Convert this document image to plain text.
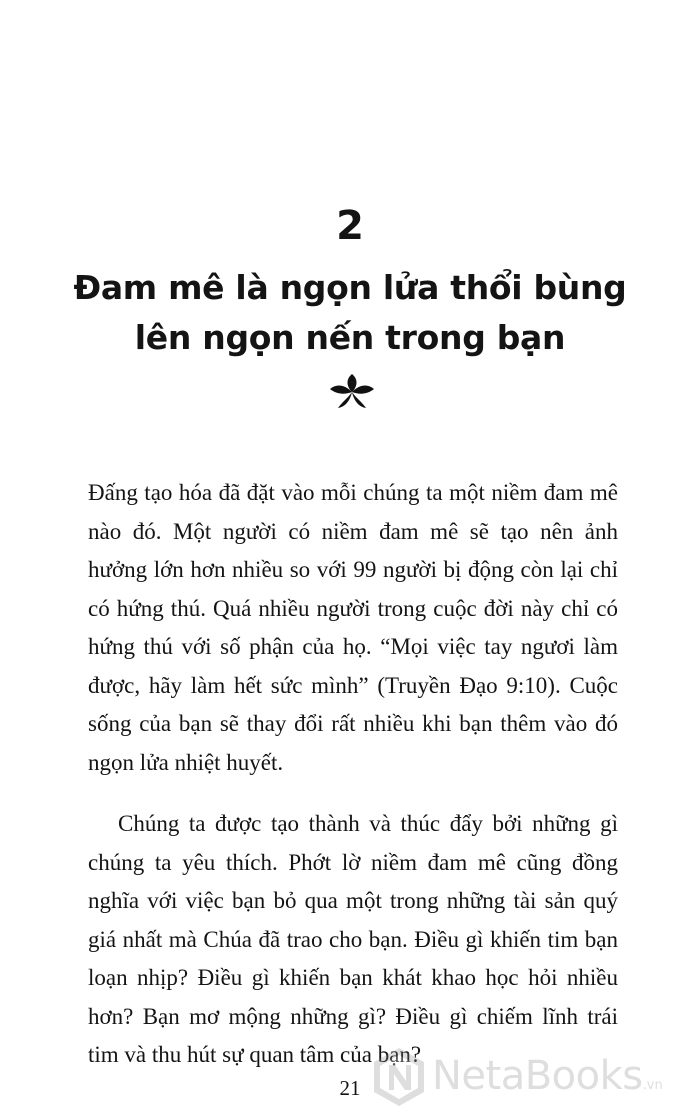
2
Đam mê là ngọn lửa thổi bùng
lên ngọn nến trong bạn

Đấng tạo hóa đã đặt vào mỗi chúng ta một niềm đam mê nào đó. Một người có niềm đam mê sẽ tạo nên ảnh hưởng lớn hơn nhiều so với 99 người bị động còn lại chỉ có hứng thú. Quá nhiều người trong cuộc đời này chỉ có hứng thú với số phận của họ. “Mọi việc tay ngươi làm được, hãy làm hết sức mình” (Truyền Đạo 9:10). Cuộc sống của bạn sẽ thay đổi rất nhiều khi bạn thêm vào đó ngọn lửa nhiệt huyết.

Chúng ta được tạo thành và thúc đẩy bởi những gì chúng ta yêu thích. Phớt lờ niềm đam mê cũng đồng nghĩa với việc bạn bỏ qua một trong những tài sản quý giá nhất mà Chúa đã trao cho bạn. Điều gì khiến tim bạn loạn nhịp? Điều gì khiến bạn khát khao học hỏi nhiều hơn? Bạn mơ mộng những gì? Điều gì chiếm lĩnh trái tim và thu hút sự quan tâm của bạn?

21	NetaBooks.vn
